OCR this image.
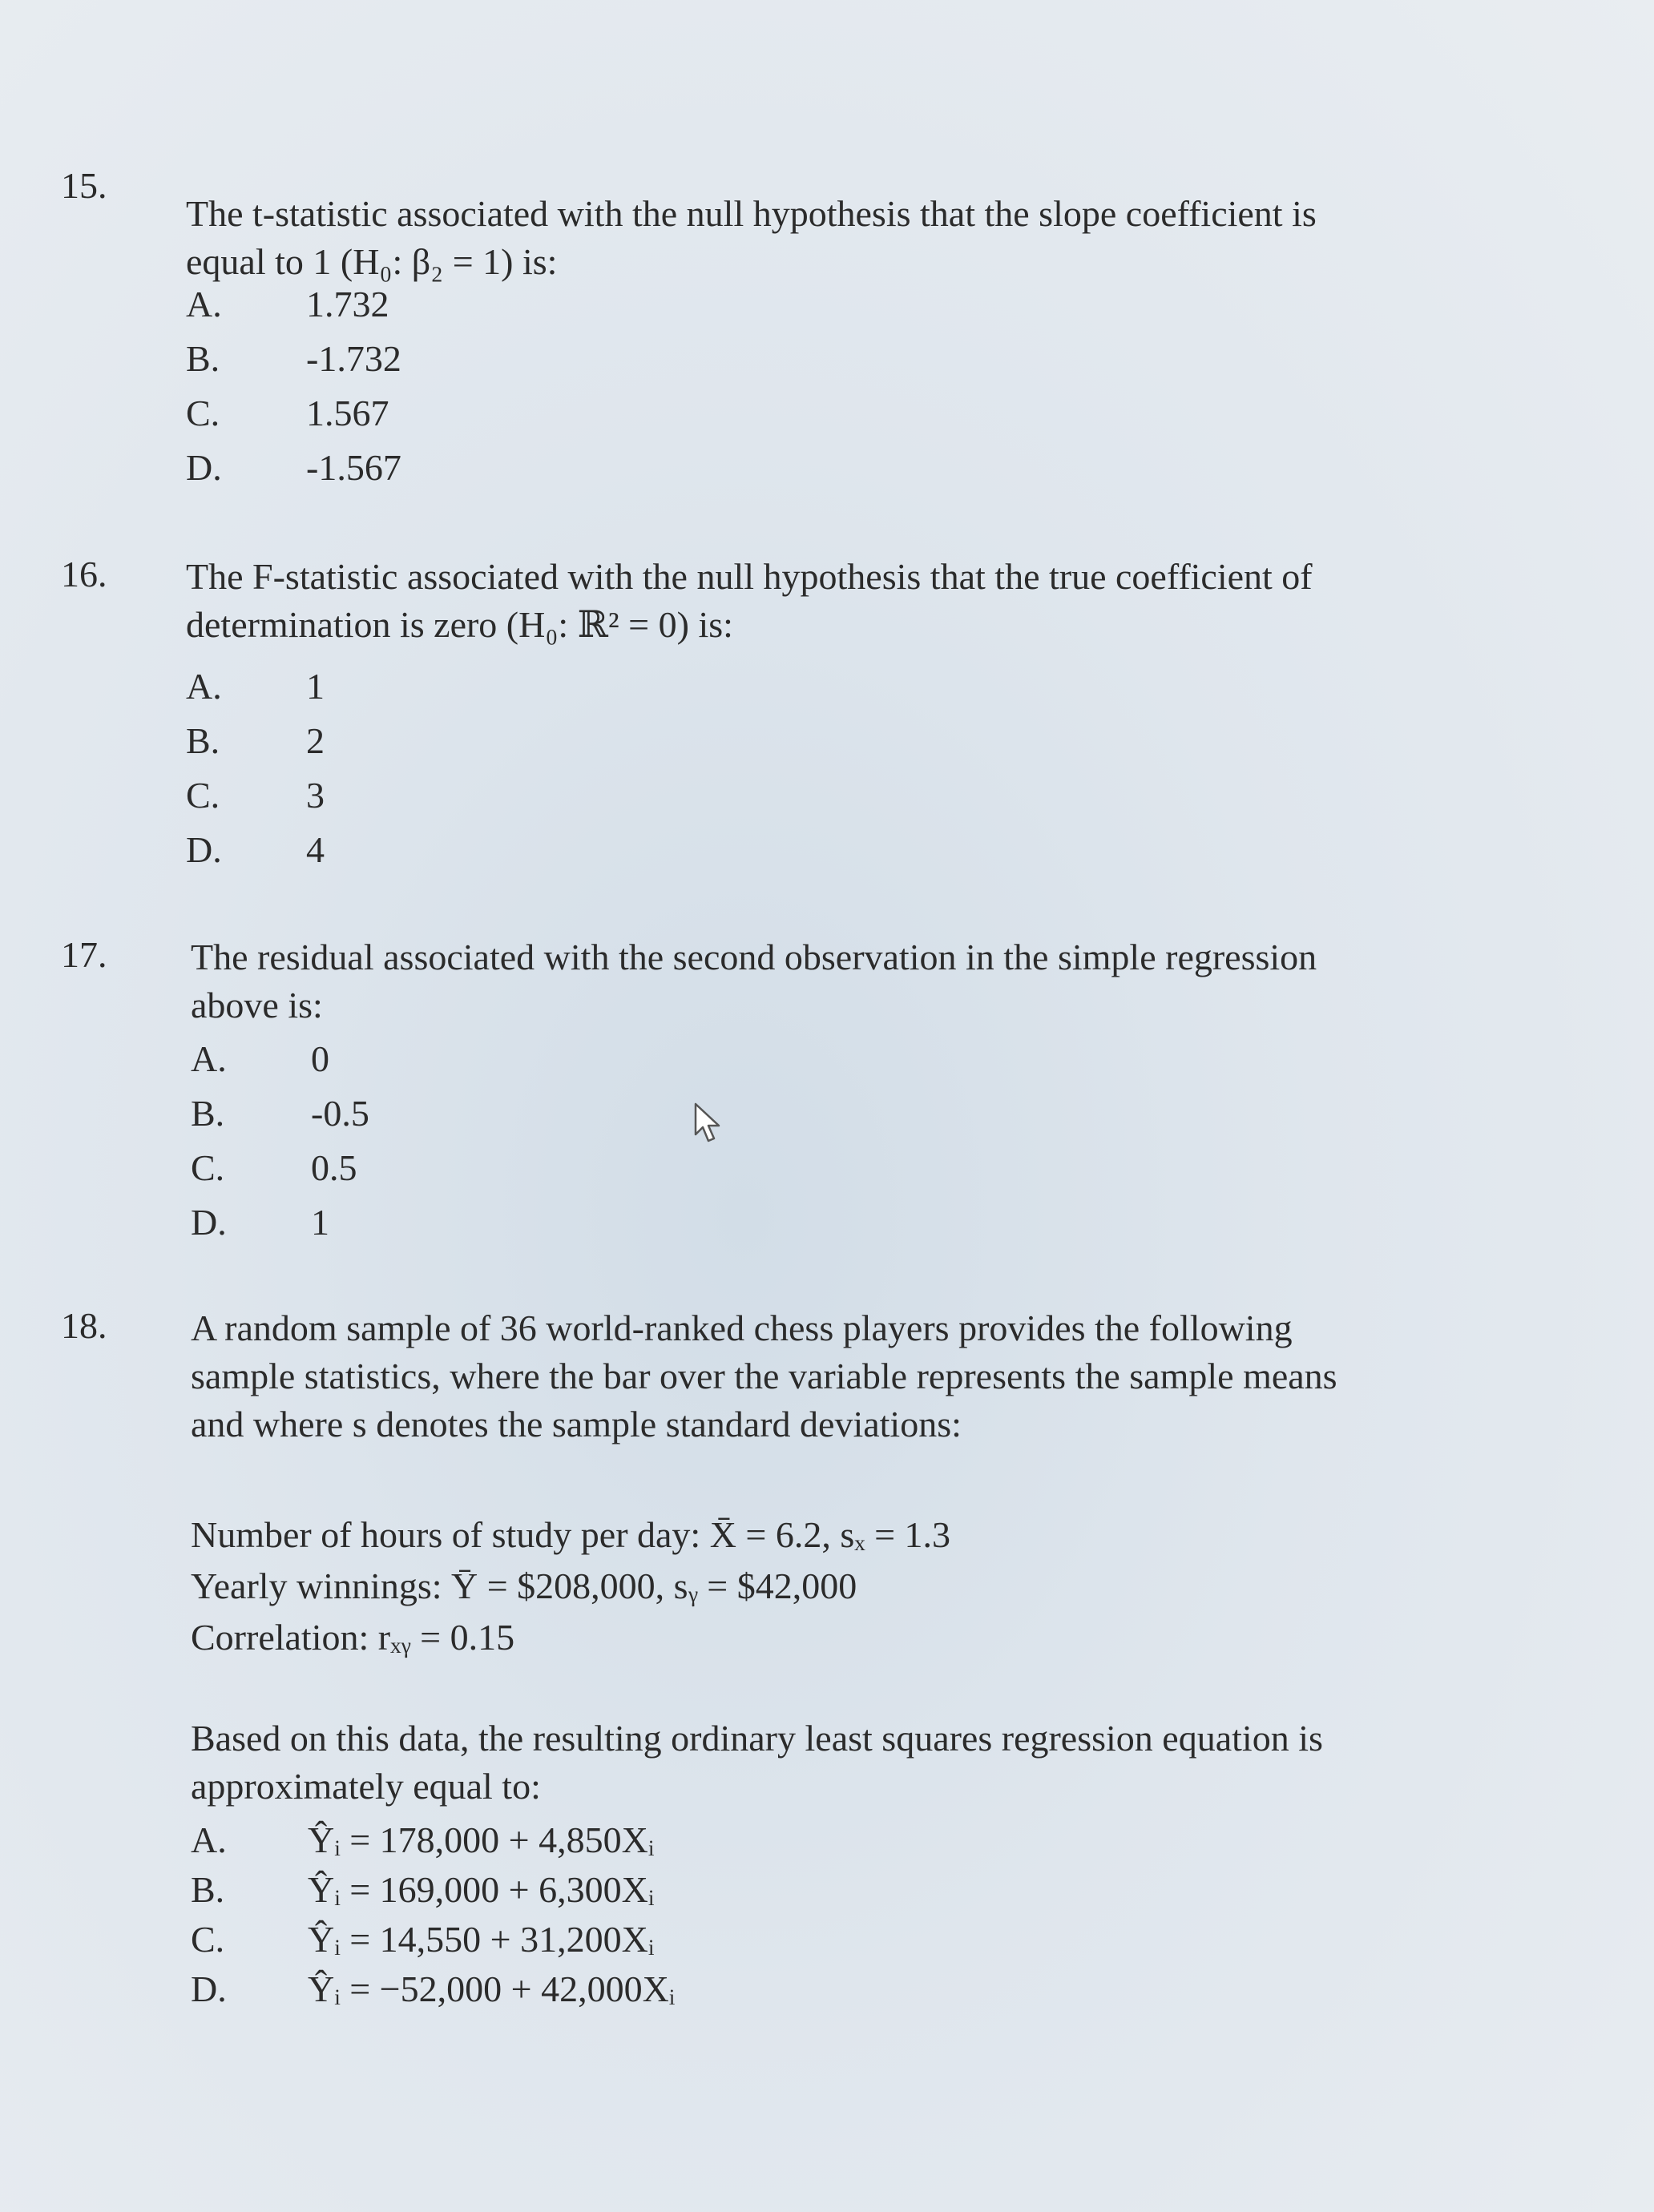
15.
The t-statistic associated with the null hypothesis that the slope coefficient is
equal to 1 (H₀: β₂ = 1) is:
A. 1.732
B. -1.732
C. 1.567
D. -1.567
16. The F-statistic associated with the null hypothesis that the true coefficient of
determination is zero (H₀: ℝ² = 0) is:
A. 1
B. 2
C. 3
D. 4
17. The residual associated with the second observation in the simple regression
above is:
A. 0
B. -0.5
C. 0.5
D. 1
18. A random sample of 36 world-ranked chess players provides the following
sample statistics, where the bar over the variable represents the sample means
and where s denotes the sample standard deviations:
Number of hours of study per day: X̄ = 6.2, sₓ = 1.3
Yearly winnings: Ȳ = $208,000, sᵧ = $42,000
Correlation: rₓᵧ = 0.15
Based on this data, the resulting ordinary least squares regression equation is
approximately equal to:
A. Ŷᵢ = 178,000 + 4,850Xᵢ
B. Ŷᵢ = 169,000 + 6,300Xᵢ
C. Ŷᵢ = 14,550 + 31,200Xᵢ
D. Ŷᵢ = −52,000 + 42,000Xᵢ
